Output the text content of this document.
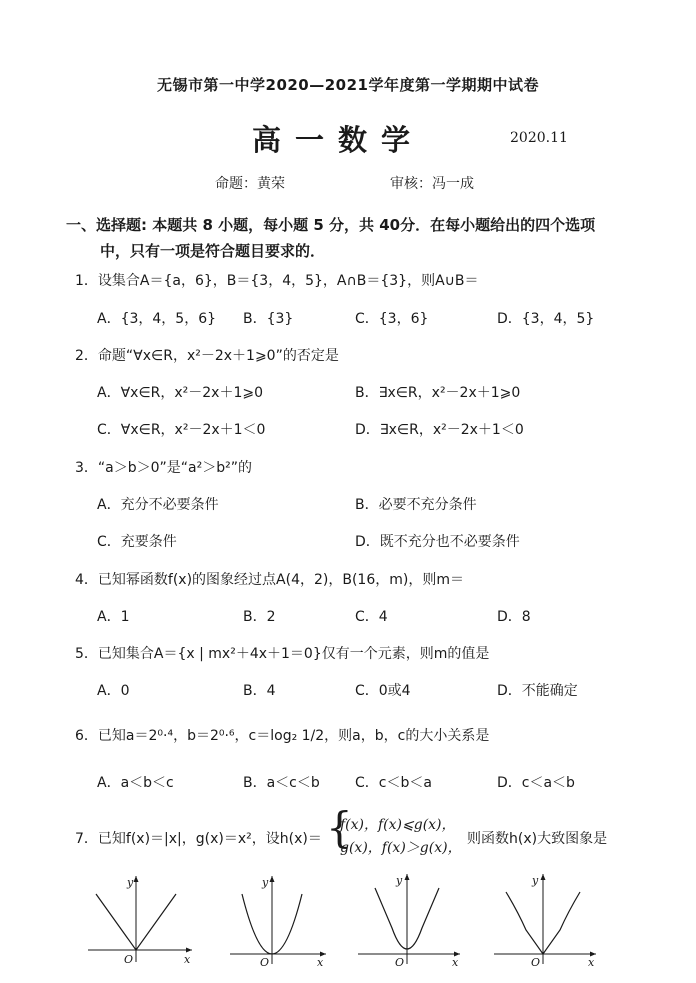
无锡市第一中学2020—2021学年度第一学期期中试卷
高一数学	2020.11
命题：黄荣	审核：冯一成
一、选择题: 本题共 8 小题，每小题 5 分，共 40分．在每小题给出的四个选项
中，只有一项是符合题目要求的．
1．设集合A＝{a，6}，B＝{3，4，5}，A∩B＝{3}，则A∪B＝
A．{3，4，5，6} B．{3}	C．{3，6}	D．{3，4，5}
2．命题“∀x∈R，x²－2x＋1⩾0”的否定是
A．∀x∈R，x²－2x＋1⩾0	B．∃x∈R，x²－2x＋1⩾0
C．∀x∈R，x²－2x＋1＜0	D．∃x∈R，x²－2x＋1＜0
3．“a＞b＞0”是“a²＞b²”的
A．充分不必要条件	B．必要不充分条件
C．充要条件	D．既不充分也不必要条件
4．已知幂函数f(x)的图象经过点A(4，2)，B(16，m)，则m＝
A．1	B．2	C．4	D．8
5．已知集合A＝{x | mx²＋4x＋1＝0}仅有一个元素，则m的值是
A．0	B．4	C．0或4	D．不能确定
6．已知a＝2⁰·⁴，b＝2⁰·⁶，c＝log₂ 1/2，则a，b，c的大小关系是
A．a＜b＜c	B．a＜c＜b	C．c＜b＜a	D．c＜a＜b
7．已知f(x)＝|x|，g(x)＝x²，设h(x)＝ {
f(x)，f(x)⩽g(x)，
g(x)，f(x)＞g(x)，
则函数h(x)大致图象是
y
x
O
y
x
O
y
x
O
y
x
O
